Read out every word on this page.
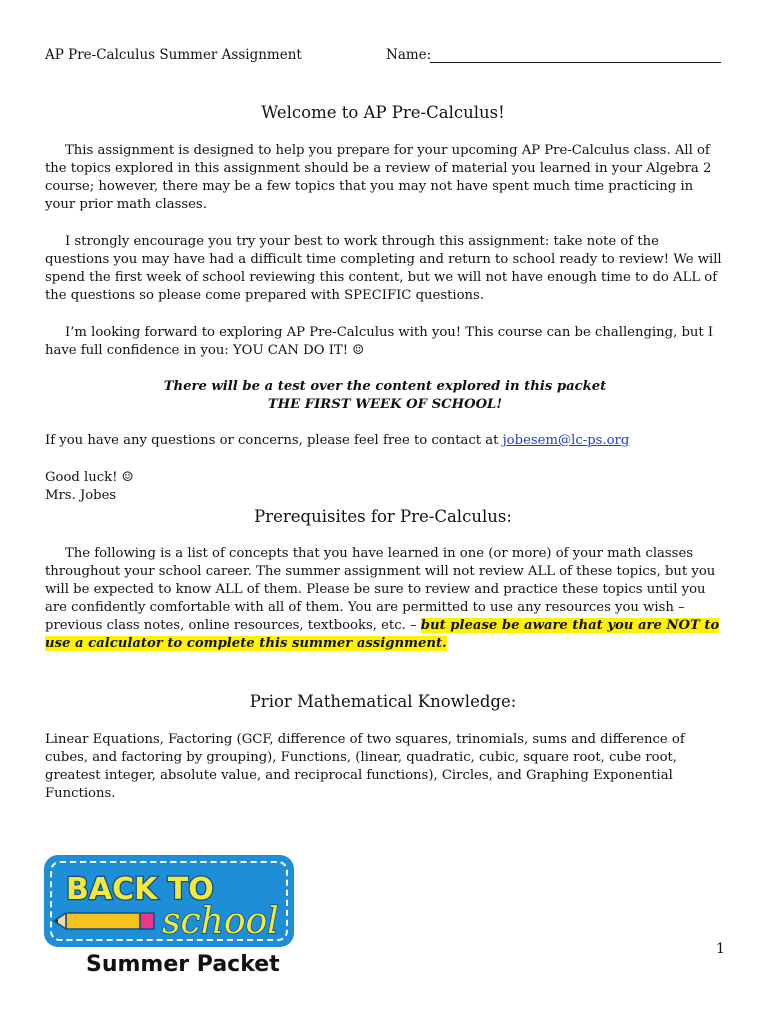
AP Pre-Calculus Summer Assignment	Name:
Welcome to AP Pre-Calculus!

This assignment is designed to help you prepare for your upcoming AP Pre-Calculus class. All of the topics explored in this assignment should be a review of material you learned in your Algebra 2 course; however, there may be a few topics that you may not have spent much time practicing in your prior math classes.

I strongly encourage you try your best to work through this assignment: take note of the questions you may have had a difficult time completing and return to school ready to review! We will spend the first week of school reviewing this content, but we will not have enough time to do ALL of the questions so please come prepared with SPECIFIC questions.

I’m looking forward to exploring AP Pre-Calculus with you! This course can be challenging, but I have full confidence in you: YOU CAN DO IT! ☺

There will be a test over the content explored in this packet

THE FIRST WEEK OF SCHOOL!

If you have any questions or concerns, please feel free to contact at jobesem@lc-ps.org

Good luck! ☺

Mrs. Jobes

Prerequisites for Pre-Calculus:

The following is a list of concepts that you have learned in one (or more) of your math classes throughout your school career. The summer assignment will not review ALL of these topics, but you will be expected to know ALL of them. Please be sure to review and practice these topics until you are confidently comfortable with all of them. You are permitted to use any resources you wish – previous class notes, online resources, textbooks, etc. – but please be aware that you are NOT to use a calculator to complete this summer assignment.

Prior Mathematical Knowledge:

Linear Equations, Factoring (GCF, difference of two squares, trinomials, sums and difference of cubes, and factoring by grouping), Functions, (linear, quadratic, cubic, square root, cube root, greatest integer, absolute value, and reciprocal functions), Circles, and Graphing Exponential Functions.

BACK TO
school
Summer Packet
1
